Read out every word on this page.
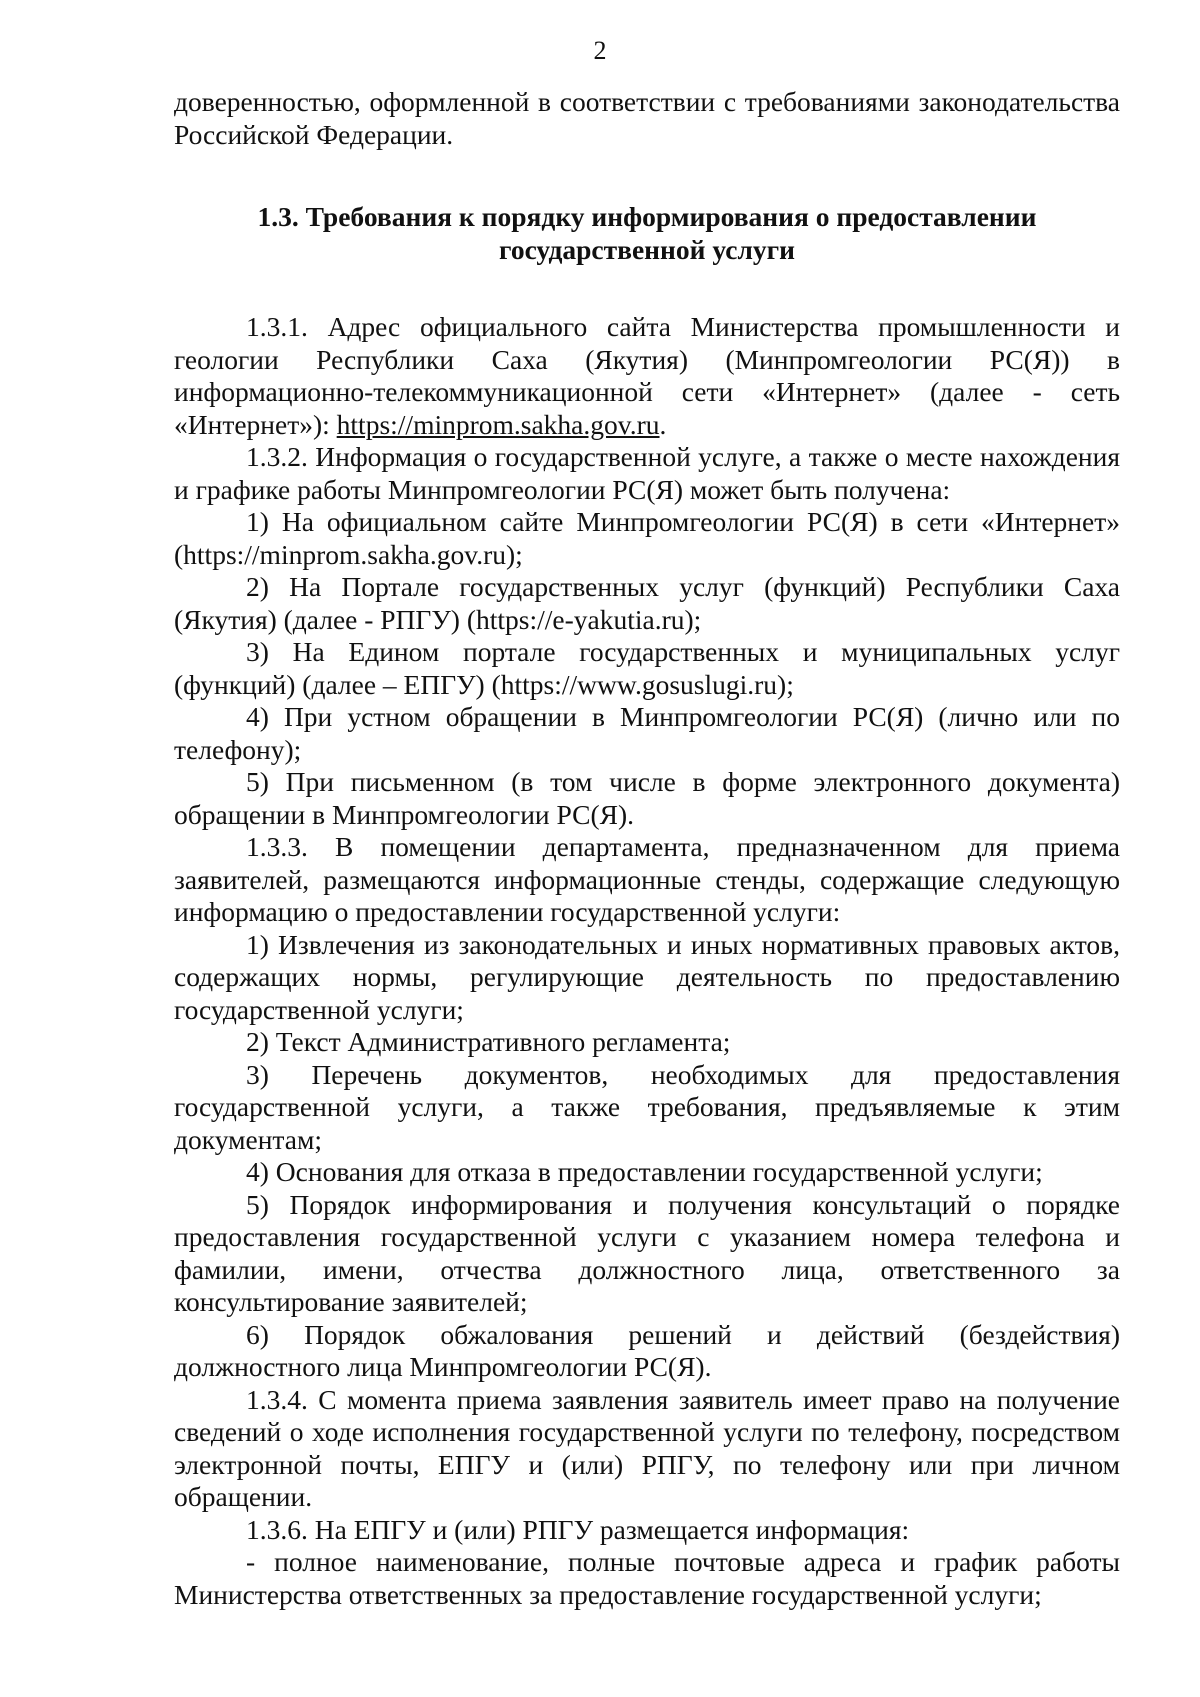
2

доверенностью, оформленной в соответствии с требованиями законодательства Российской Федерации.

1.3. Требования к порядку информирования о предоставлении
государственной услуги

1.3.1. Адрес официального сайта Министерства промышленности и геологии Республики Саха (Якутия) (Минпромгеологии РС(Я)) в информационно-телекоммуникационной сети «Интернет» (далее - сеть «Интернет»): https://minprom.sakha.gov.ru.

1.3.2. Информация о государственной услуге, а также о месте нахождения и графике работы Минпромгеологии РС(Я) может быть получена:

1) На официальном сайте Минпромгеологии РС(Я) в сети «Интернет» (https://minprom.sakha.gov.ru);

2) На Портале государственных услуг (функций) Республики Саха (Якутия) (далее - РПГУ) (https://e-yakutia.ru);

3) На Едином портале государственных и муниципальных услуг (функций) (далее – ЕПГУ) (https://www.gosuslugi.ru);

4) При устном обращении в Минпромгеологии РС(Я) (лично или по телефону);

5) При письменном (в том числе в форме электронного документа) обращении в Минпромгеологии РС(Я).

1.3.3. В помещении департамента, предназначенном для приема заявителей, размещаются информационные стенды, содержащие следующую информацию о предоставлении государственной услуги:

1) Извлечения из законодательных и иных нормативных правовых актов, содержащих нормы, регулирующие деятельность по предоставлению государственной услуги;

2) Текст Административного регламента;

3) Перечень документов, необходимых для предоставления государственной услуги, а также требования, предъявляемые к этим документам;

4) Основания для отказа в предоставлении государственной услуги;

5) Порядок информирования и получения консультаций о порядке предоставления государственной услуги с указанием номера телефона и фамилии, имени, отчества должностного лица, ответственного за консультирование заявителей;

6) Порядок обжалования решений и действий (бездействия) должностного лица Минпромгеологии РС(Я).

1.3.4. С момента приема заявления заявитель имеет право на получение сведений о ходе исполнения государственной услуги по телефону, посредством электронной почты, ЕПГУ и (или) РПГУ, по телефону или при личном обращении.

1.3.6. На ЕПГУ и (или) РПГУ размещается информация:

- полное наименование, полные почтовые адреса и график работы Министерства ответственных за предоставление государственной услуги;
